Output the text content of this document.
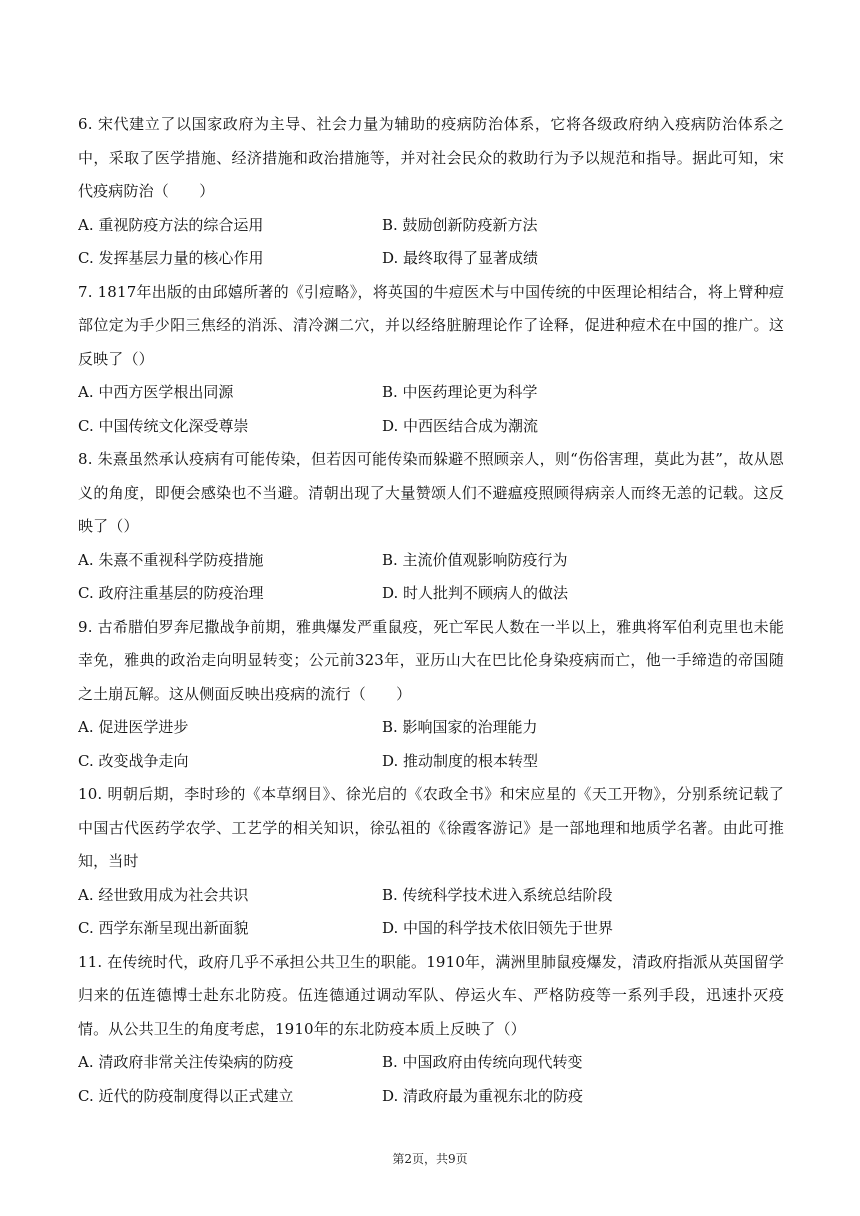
6. 宋代建立了以国家政府为主导、社会力量为辅助的疫病防治体系，它将各级政府纳入疫病防治体系之中，采取了医学措施、经济措施和政治措施等，并对社会民众的救助行为予以规范和指导。据此可知，宋代疫病防治（　　）

A. 重视防疫方法的综合运用	B. 鼓励创新防疫新方法
C. 发挥基层力量的核心作用	D. 最终取得了显著成绩

7. 1817年出版的由邱嬉所著的《引痘略》，将英国的牛痘医术与中国传统的中医理论相结合，将上臂种痘部位定为手少阳三焦经的消泺、清冷渊二穴，并以经络脏腑理论作了诠释，促进种痘术在中国的推广。这反映了（）

A. 中西方医学根出同源	B. 中医药理论更为科学
C. 中国传统文化深受尊崇	D. 中西医结合成为潮流

8. 朱熹虽然承认疫病有可能传染，但若因可能传染而躲避不照顾亲人，则“伤俗害理，莫此为甚”，故从恩义的角度，即便会感染也不当避。清朝出现了大量赞颂人们不避瘟疫照顾得病亲人而终无恙的记载。这反映了（）

A. 朱熹不重视科学防疫措施	B. 主流价值观影响防疫行为
C. 政府注重基层的防疫治理	D. 时人批判不顾病人的做法

9. 古希腊伯罗奔尼撒战争前期，雅典爆发严重鼠疫，死亡军民人数在一半以上，雅典将军伯利克里也未能幸免，雅典的政治走向明显转变；公元前323年，亚历山大在巴比伦身染疫病而亡，他一手缔造的帝国随之土崩瓦解。这从侧面反映出疫病的流行（　　）

A. 促进医学进步	B. 影响国家的治理能力
C. 改变战争走向	D. 推动制度的根本转型

10. 明朝后期，李时珍的《本草纲目》、徐光启的《农政全书》和宋应星的《天工开物》，分别系统记载了中国古代医药学农学、工艺学的相关知识，徐弘祖的《徐霞客游记》是一部地理和地质学名著。由此可推知，当时

A. 经世致用成为社会共识	B. 传统科学技术进入系统总结阶段
C. 西学东渐呈现出新面貌	D. 中国的科学技术依旧领先于世界

11. 在传统时代，政府几乎不承担公共卫生的职能。1910年，满洲里肺鼠疫爆发，清政府指派从英国留学归来的伍连德博士赴东北防疫。伍连德通过调动军队、停运火车、严格防疫等一系列手段，迅速扑灭疫情。从公共卫生的角度考虑，1910年的东北防疫本质上反映了（）

A. 清政府非常关注传染病的防疫	B. 中国政府由传统向现代转变
C. 近代的防疫制度得以正式建立	D. 清政府最为重视东北的防疫
第2页，共9页
